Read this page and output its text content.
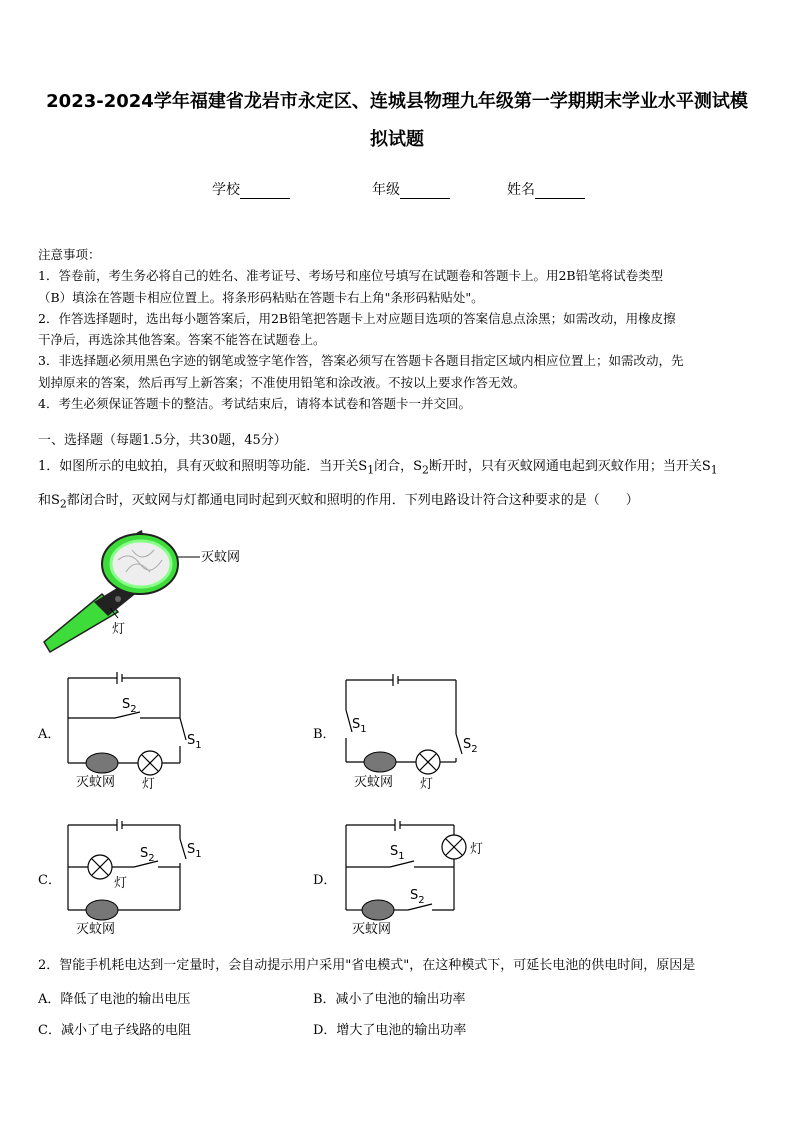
2023-2024学年福建省龙岩市永定区、连城县物理九年级第一学期期末学业水平测试模
拟试题
学校	年级	姓名
注意事项：
1．答卷前，考生务必将自己的姓名、准考证号、考场号和座位号填写在试题卷和答题卡上。用2B铅笔将试卷类型
（B）填涂在答题卡相应位置上。将条形码粘贴在答题卡右上角"条形码粘贴处"。
2．作答选择题时，选出每小题答案后，用2B铅笔把答题卡上对应题目选项的答案信息点涂黑；如需改动，用橡皮擦
干净后，再选涂其他答案。答案不能答在试题卷上。
3．非选择题必须用黑色字迹的钢笔或签字笔作答，答案必须写在答题卡各题目指定区域内相应位置上；如需改动，先
划掉原来的答案，然后再写上新答案；不准使用铅笔和涂改液。不按以上要求作答无效。
4．考生必须保证答题卡的整洁。考试结束后，请将本试卷和答题卡一并交回。
一、选择题（每题1.5分，共30题，45分）
1．如图所示的电蚊拍，具有灭蚊和照明等功能．当开关$S_1$闭合，$S_2$断开时，只有灭蚊网通电起到灭蚊作用；当开关$S_1$
和$S_2$都闭合时，灭蚊网与灯都通电同时起到灭蚊和照明的作用．下列电路设计符合这种要求的是（　　）
灭蚊网
灯
A．
$S_2$
$S_1$
灭蚊网 灯
B．
$S_1$
$S_2$
灭蚊网 灯
C．
$S_2$
$S_1$
灯
灭蚊网
D．
$S_1$	灯
$S_2$
灭蚊网
2．智能手机耗电达到一定量时，会自动提示用户采用"省电模式"，在这种模式下，可延长电池的供电时间，原因是
A．降低了电池的输出电压	B．减小了电池的输出功率
C．减小了电子线路的电阻	D．增大了电池的输出功率
